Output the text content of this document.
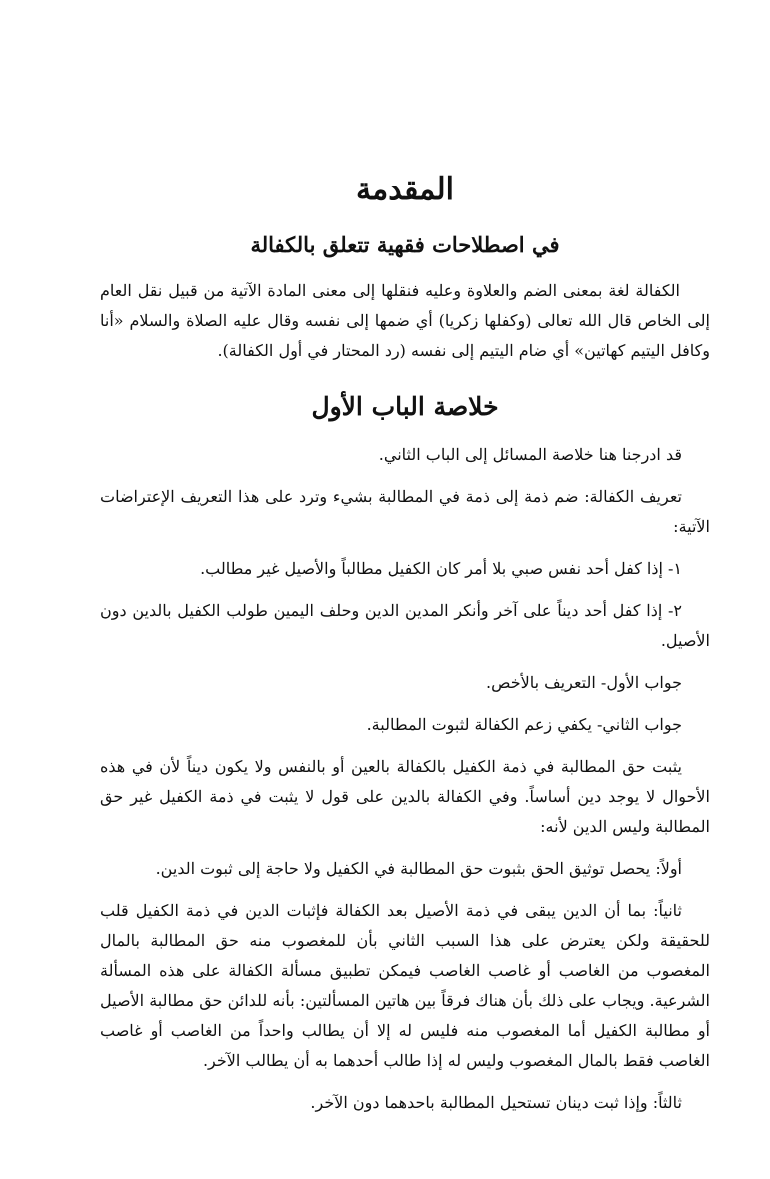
المقدمة
في اصطلاحات فقهية تتعلق بالكفالة

الكفالة لغة بمعنى الضم والعلاوة وعليه فنقلها إلى معنى المادة الآتية من قبيل نقل العام إلى الخاص قال الله تعالى (وكفلها زكريا) أي ضمها إلى نفسه وقال عليه الصلاة والسلام «أنا وكافل اليتيم كهاتين» أي ضام اليتيم إلى نفسه (رد المحتار في أول الكفالة).

خلاصة الباب الأول

قد ادرجنا هنا خلاصة المسائل إلى الباب الثاني.

تعريف الكفالة: ضم ذمة إلى ذمة في المطالبة بشيء وترد على هذا التعريف الإعتراضات الآتية:

١- إذا كفل أحد نفس صبي بلا أمر كان الكفيل مطالباً والأصيل غير مطالب.

٢- إذا كفل أحد ديناً على آخر وأنكر المدين الدين وحلف اليمين طولب الكفيل بالدين دون الأصيل.

جواب الأول- التعريف بالأخص.

جواب الثاني- يكفي زعم الكفالة لثبوت المطالبة.

يثبت حق المطالبة في ذمة الكفيل بالكفالة بالعين أو بالنفس ولا يكون ديناً لأن في هذه الأحوال لا يوجد دين أساساً. وفي الكفالة بالدين على قول لا يثبت في ذمة الكفيل غير حق المطالبة وليس الدين لأنه:

أولاً: يحصل توثيق الحق بثبوت حق المطالبة في الكفيل ولا حاجة إلى ثبوت الدين.

ثانياً: بما أن الدين يبقى في ذمة الأصيل بعد الكفالة فإثبات الدين في ذمة الكفيل قلب للحقيقة ولكن يعترض على هذا السبب الثاني بأن للمغصوب منه حق المطالبة بالمال المغصوب من الغاصب أو غاصب الغاصب فيمكن تطبيق مسألة الكفالة على هذه المسألة الشرعية. ويجاب على ذلك بأن هناك فرقاً بين هاتين المسألتين: بأنه للدائن حق مطالبة الأصيل أو مطالبة الكفيل أما المغصوب منه فليس له إلا أن يطالب واحداً من الغاصب أو غاصب الغاصب فقط بالمال المغصوب وليس له إذا طالب أحدهما به أن يطالب الآخر.

ثالثاً: وإذا ثبت دينان تستحيل المطالبة باحدهما دون الآخر.
